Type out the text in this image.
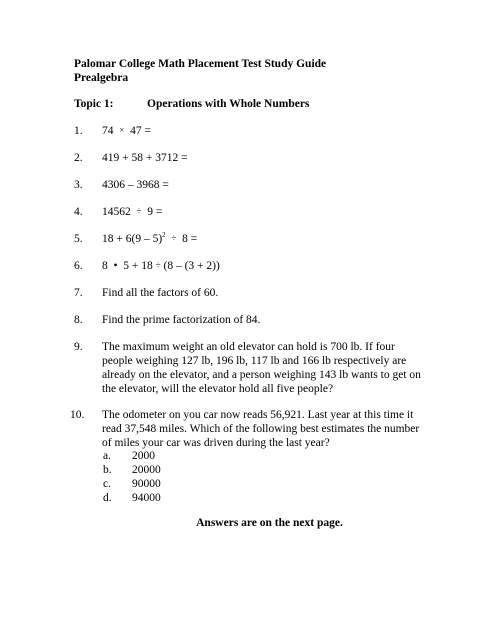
Palomar College Math Placement Test Study Guide
Prealgebra
Topic 1:	Operations with Whole Numbers
1. 74 × 47 =
2. 419 + 58 + 3712 =
3. 4306 – 3968 =
4. 14562 ÷ 9 =
5. 18 + 6(9 – 5)$^2$ ÷ 8 =
6. 8 • 5 + 18 ÷ (8 – (3 + 2))
7. Find all the factors of 60.
8. Find the prime factorization of 84.
9. The maximum weight an old elevator can hold is 700 lb. If four
people weighing 127 lb, 196 lb, 117 lb and 166 lb respectively are
already on the elevator, and a person weighing 143 lb wants to get on
the elevator, will the elevator hold all five people?
10. The odometer on you car now reads 56,921. Last year at this time it
read 37,548 miles. Which of the following best estimates the number
of miles your car was driven during the last year?
a. 2000
b. 20000
c. 90000
d. 94000
Answers are on the next page.
